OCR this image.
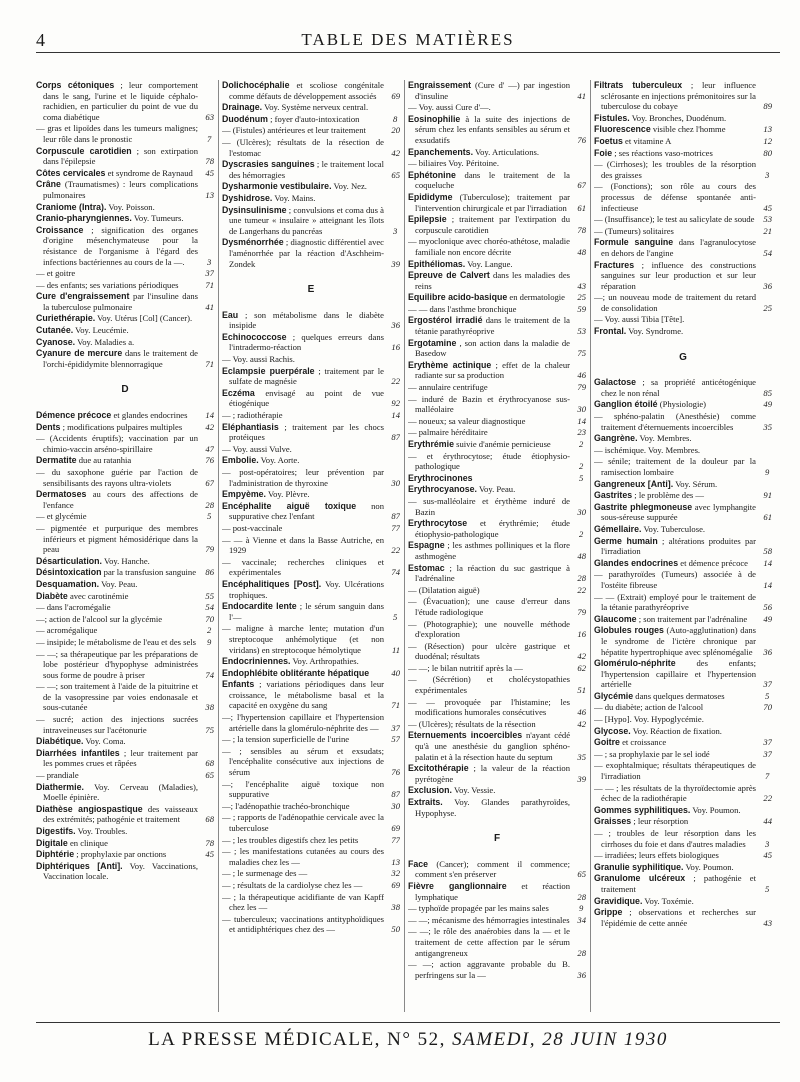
4	TABLE DES MATIÈRES
Corps cétoniques ; leur comportement dans le sang, l'urine et le liquide céphalo-rachidien, en particulier du point de vue du coma diabétique	63
— gras et lipoïdes dans les tumeurs malignes; leur rôle dans le pronostic	7
Corpuscule carotidien ; son extirpation dans l'épilepsie	78
Côtes cervicales et syndrome de Raynaud 45
Crâne (Traumatismes) : leurs complications pulmonaires	13
Craniome (Intra). Voy. Poisson.
Cranio-pharyngiennes. Voy. Tumeurs.
Croissance ; signification des organes d'origine mésenchymateuse pour la résistance de l'organisme à l'égard des infections bactériennes au cours de la —.	3
— et goitre	37
— des enfants; ses variations périodiques	71
Cure d'engraissement par l'insuline dans la tuberculose pulmonaire	41
Curiethérapie. Voy. Utérus [Col] (Cancer).
Cutanée. Voy. Leucémie.
Cyanose. Voy. Maladies a.
Cyanure de mercure dans le traitement de l'orchi-épididymite blennorragique	71
D
Démence précoce et glandes endocrines 14
Dents ; modifications pulpaires multiples	42
— (Accidents éruptifs); vaccination par un chimio-vaccin arséno-spirillaire	47
Dermatite due au ratanhia	76
— du saxophone guérie par l'action de sensibilisants des rayons ultra-violets	67
Dermatoses au cours des affections de l'enfance	28
— et glycémie	5
— pigmentée et purpurique des membres inférieurs et pigment hémosidérique dans la peau	79
Désarticulation. Voy. Hanche.
Désintoxication par la transfusion sanguine 86
Desquamation. Voy. Peau.
Diabète avec carotinémie	55
— dans l'acromégalie	54
—; action de l'alcool sur la glycémie	70
— acromégalique	2
— insipide; le métabolisme de l'eau et des sels 9
— —; sa thérapeutique par les préparations de lobe postérieur d'hypophyse administrées sous forme de poudre à priser	74
— —; son traitement à l'aide de la pituitrine et de la vasopressine par voies endonasale et sous-cutanée	38
— sucré; action des injections sucrées intraveineuses sur l'acétonurie	75
Diabétique. Voy. Coma.
Diarrhées infantiles ; leur traitement par les pommes crues et râpées	68
— prandiale	65
Diathermie. Voy. Cerveau (Maladies), Moelle épinière.
Diathèse angiospastique des vaisseaux des extrémités; pathogénie et traitement	68
Digestifs. Voy. Troubles.
Digitale en clinique	78
Diphtérie ; prophylaxie par onctions	45
Diphtériques [Anti]. Voy. Vaccinations, Vaccination locale.
Dolichocéphalie et scoliose congénitale comme défauts de développement associés 69
Drainage. Voy. Système nerveux central.
Duodénum ; foyer d'auto-intoxication	8
— (Fistules) antérieures et leur traitement	20
— (Ulcères); résultats de la résection de l'estomac	42
Dyscrasies sanguines ; le traitement local des hémorragies	65
Dysharmonie vestibulaire. Voy. Nez.
Dyshidrose. Voy. Mains.
Dysinsulinisme ; convulsions et coma dus à une tumeur « insulaire » atteignant les îlots de Langerhans du pancréas	3
Dysménorrhée ; diagnostic différentiel avec l'aménorrhée par la réaction d'Aschheim-Zondek	39
E
Eau ; son métabolisme dans le diabète insipide	36
Echinococcose ; quelques erreurs dans l'intradermo-réaction	16
— Voy. aussi Rachis.
Eclampsie puerpérale ; traitement par le sulfate de magnésie	22
Eczéma envisagé au point de vue étiogénique	92
— ; radiothérapie	14
Eléphantiasis ; traitement par les chocs protéiques	87
— Voy. aussi Vulve.
Embolie. Voy. Aorte.
— post-opératoires; leur prévention par l'administration de thyroxine	30
Empyème. Voy. Plèvre.
Encéphalite aiguë toxique non suppurative chez l'enfant	87
— post-vaccinale	77
— — à Vienne et dans la Basse Autriche, en 1929	22
— vaccinale; recherches cliniques et expérimentales	74
Encéphalitiques [Post]. Voy. Ulcérations trophiques.
Endocardite lente ; le sérum sanguin dans l'—	5
— maligne à marche lente; mutation d'un streptocoque anhémolytique (et non viridans) en streptocoque hémolytique	11
Endocriniennes. Voy. Arthropathies.
Endophlébite oblitérante hépatique	40
Enfants ; variations périodiques dans leur croissance, le métabolisme basal et la capacité en oxygène du sang	71
—; l'hypertension capillaire et l'hypertension artérielle dans la glomérulo-néphrite des — 37
— ; la tension superficielle de l'urine	57
— ; sensibles au sérum et exsudats; l'encéphalite consécutive aux injections de sérum	76
—; l'encéphalite aiguë toxique non suppurative	87
—; l'adénopathie trachéo-bronchique	30
— ; rapports de l'adénopathie cervicale avec la tuberculose	69
— ; les troubles digestifs chez les petits	77
— ; les manifestations cutanées au cours des maladies chez les —	13
— ; le surmenage des —	32
— ; résultats de la cardiolyse chez les —	69
— ; la thérapeutique acidifiante de van Kapff chez les —	38
— tuberculeux; vaccinations antityphoïdiques et antidiphtériques chez des —	50
Engraissement (Cure d' —) par ingestion d'insuline	41
— Voy. aussi Cure d'—.
Eosinophilie à la suite des injections de sérum chez les enfants sensibles au sérum et exsudatifs	76
Epanchements. Voy. Articulations.
— biliaires Voy. Péritoine.
Ephétonine dans le traitement de la coqueluche	67
Epididyme (Tuberculose); traitement par l'intervention chirurgicale et par l'irradiation 61
Epilepsie ; traitement par l'extirpation du corpuscule carotidien	78
— myoclonique avec choréo-athétose, maladie familiale non encore décrite	48
Epithéliomas. Voy. Langue.
Epreuve de Calvert dans les maladies des reins	43
Equilibre acido-basique en dermatologie 25
— — dans l'asthme bronchique	59
Ergostérol irradié dans le traitement de la tétanie parathyréoprive	53
Ergotamine , son action dans la maladie de Basedow	75
Erythème actinique ; effet de la chaleur radiante sur sa production	46
— annulaire centrifuge	79
— induré de Bazin et érythrocyanose sus-malléolaire	30
— noueux; sa valeur diagnostique	14
— palmaire héréditaire	23
Erythrémie suivie d'anémie pernicieuse	2
— et érythrocytose; étude étiophysio-pathologique	2
Erythrocinones	5
Erythrocyanose. Voy. Peau.
— sus-malléolaire et érythème induré de Bazin	30
Erythrocytose et érythrémie; étude étiophysio-pathologique	2
Espagne ; les asthmes polliniques et la flore asthmogène	48
Estomac ; la réaction du suc gastrique à l'adrénaline	28
— (Dilatation aiguë)	22
— (Évacuation); une cause d'erreur dans l'étude radiologique	79
— (Photographie); une nouvelle méthode d'exploration	16
— (Résection) pour ulcère gastrique et duodénal; résultats	42
— —; le bilan nutritif après la —	62
— (Sécrétion) et cholécystopathies expérimentales	51
— — provoquée par l'histamine; les modifications humorales consécutives	46
— (Ulcères); résultats de la résection	42
Eternuements incoercibles n'ayant cédé qu'à une anesthésie du ganglion sphéno-palatin et à la résection haute du septum	35
Excitothérapie ; la valeur de la réaction pyrétogène	39
Exclusion. Voy. Vessie.
Extraits. Voy. Glandes parathyroïdes, Hypophyse.
F
Face (Cancer); comment il commence; comment s'en préserver	65
Fièvre ganglionnaire et réaction lymphatique	28
— typhoïde propagée par les mains sales	9
— —; mécanisme des hémorragies intestinales 34
— —; le rôle des anaérobies dans la — et le traitement de cette affection par le sérum antigangreneux	28
— —; action aggravante probable du B. perfringens sur la —	36
Filtrats tuberculeux ; leur influence sclérosante en injections prémonitoires sur la tuberculose du cobaye	89
Fistules. Voy. Bronches, Duodénum.
Fluorescence visible chez l'homme	13
Foetus et vitamine A	12
Foie ; ses réactions vaso-motrices	80
— (Cirrhoses); les troubles de la résorption des graisses	3
— (Fonctions); son rôle au cours des processus de défense spontanée anti-infectieuse	45
— (Insuffisance); le test au salicylate de soude 53
— (Tumeurs) solitaires	21
Formule sanguine dans l'agranulocytose en dehors de l'angine	54
Fractures ; influence des constructions sanguines sur leur production et sur leur réparation	36
—; un nouveau mode de traitement du retard de consolidation	25
— Voy. aussi Tibia [Tête].
Frontal. Voy. Syndrome.
G
Galactose ; sa propriété anticétogénique chez le non rénal	85
Ganglion étoilé (Physiologie)	49
— sphéno-palatin (Anesthésie) comme traitement d'éternuements incoercibles	35
Gangrène. Voy. Membres.
— ischémique. Voy. Membres.
— sénile; traitement de la douleur par la ramisection lombaire	9
Gangreneux [Anti]. Voy. Sérum.
Gastrites ; le problème des —	91
Gastrite phlegmoneuse avec lymphangite sous-séreuse suppurée	61
Gémellaire. Voy. Tuberculose.
Germe humain ; altérations produites par l'irradiation	58
Glandes endocrines et démence précoce 14
— parathyroïdes (Tumeurs) associée à de l'ostéite fibreuse	14
— — (Extrait) employé pour le traitement de la tétanie parathyréoprive	56
Glaucome ; son traitement par l'adrénaline 49
Globules rouges (Auto-agglutination) dans le syndrome de l'ictère chronique par hépatite hypertrophique avec splénomégalie 36
Glomérulo-néphrite des enfants; l'hypertension capillaire et l'hypertension artérielle	37
Glycémie dans quelques dermatoses	5
— du diabète; action de l'alcool	70
— [Hypo]. Voy. Hypoglycémie.
Glycose. Voy. Réaction de fixation.
Goitre et croissance	37
— ; sa prophylaxie par le sel iodé	37
— exophtalmique; résultats thérapeutiques de l'irradiation	7
— — ; les résultats de la thyroïdectomie après échec de la radiothérapie	22
Gommes syphilitiques. Voy. Poumon.
Graisses ; leur résorption	44
— ; troubles de leur résorption dans les cirrhoses du foie et dans d'autres maladies 3
— irradiées; leurs effets biologiques	45
Granulie syphilitique. Voy. Poumon.
Granulome ulcéreux ; pathogénie et traitement	5
Gravidique. Voy. Toxémie.
Grippe ; observations et recherches sur l'épidémie de cette année	43
LA PRESSE MÉDICALE, N° 52, SAMEDI, 28 JUIN 1930
